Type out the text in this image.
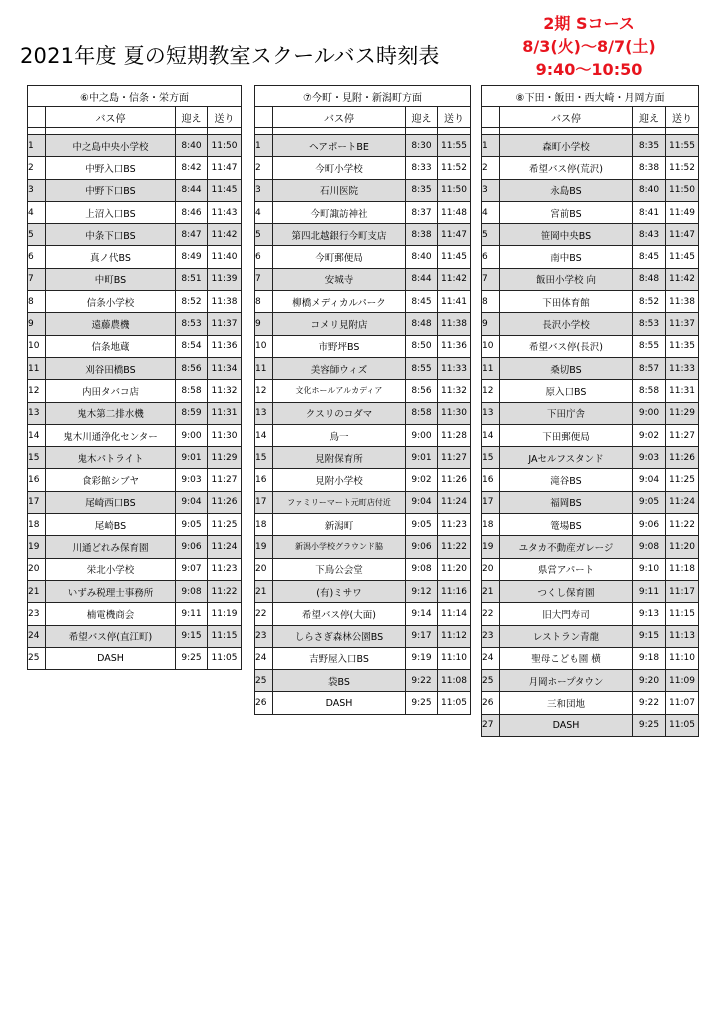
2021年度 夏の短期教室スクールバス時刻表
2期 Sコース
8/3(火)～8/7(土)
9:40～10:50
⑥中之島・信条・栄方面			
	バス停	迎え	送り

1	中之島中央小学校	8:40	11:50
2	中野入口BS	8:42	11:47
3	中野下口BS	8:44	11:45
4	上沼入口BS	8:46	11:43
5	中条下口BS	8:47	11:42
6	真ノ代BS	8:49	11:40
7	中町BS	8:51	11:39
8	信条小学校	8:52	11:38
9	遠藤農機	8:53	11:37
10	信条地蔵	8:54	11:36
11	刈谷田橋BS	8:56	11:34
12	内田タバコ店	8:58	11:32
13	鬼木第二排水機	8:59	11:31
14	鬼木川通浄化センター	9:00	11:30
15	鬼木パトライト	9:01	11:29
16	食彩館シブヤ	9:03	11:27
17	尾崎西口BS	9:04	11:26
18	尾崎BS	9:05	11:25
19	川通どれみ保育園	9:06	11:24
20	栄北小学校	9:07	11:23
21	いずみ税理士事務所	9:08	11:22
23	楠電機商会	9:11	11:19
24	希望バス停(直江町)	9:15	11:15
25	DASH	9:25	11:05
⑦今町・見附・新潟町方面			
	バス停	迎え	送り

1	ヘアポートBE	8:30	11:55
2	今町小学校	8:33	11:52
3	石川医院	8:35	11:50
4	今町諏訪神社	8:37	11:48
5	第四北越銀行今町支店	8:38	11:47
6	今町郵便局	8:40	11:45
7	安城寺	8:44	11:42
8	柳橋メディカルパーク	8:45	11:41
9	コメリ見附店	8:48	11:38
10	市野坪BS	8:50	11:36
11	美容師ウィズ	8:55	11:33
12	文化ホールアルカディア	8:56	11:32
13	クスリのコダマ	8:58	11:30
14	鳥一	9:00	11:28
15	見附保育所	9:01	11:27
16	見附小学校	9:02	11:26
17	ファミリーマート元町店付近	9:04	11:24
18	新潟町	9:05	11:23
19	新潟小学校グラウンド脇	9:06	11:22
20	下鳥公会堂	9:08	11:20
21	(有)ミサワ	9:12	11:16
22	希望バス停(大面)	9:14	11:14
23	しらさぎ森林公園BS	9:17	11:12
24	吉野屋入口BS	9:19	11:10
25	袋BS	9:22	11:08
26	DASH	9:25	11:05
⑧下田・飯田・西大崎・月岡方面			
	バス停	迎え	送り

1	森町小学校	8:35	11:55
2	希望バス停(荒沢)	8:38	11:52
3	永島BS	8:40	11:50
4	宮前BS	8:41	11:49
5	笹岡中央BS	8:43	11:47
6	南中BS	8:45	11:45
7	飯田小学校 向	8:48	11:42
8	下田体育館	8:52	11:38
9	長沢小学校	8:53	11:37
10	希望バス停(長沢)	8:55	11:35
11	桑切BS	8:57	11:33
12	原入口BS	8:58	11:31
13	下田庁舎	9:00	11:29
14	下田郵便局	9:02	11:27
15	JAセルフスタンド	9:03	11:26
16	滝谷BS	9:04	11:25
17	福岡BS	9:05	11:24
18	篭場BS	9:06	11:22
19	ユタカ不動産ガレージ	9:08	11:20
20	県営アパート	9:10	11:18
21	つくし保育園	9:11	11:17
22	旧大門寿司	9:13	11:15
23	レストラン青龍	9:15	11:13
24	聖母こども園 横	9:18	11:10
25	月岡ホープタウン	9:20	11:09
26	三和団地	9:22	11:07
27	DASH	9:25	11:05
